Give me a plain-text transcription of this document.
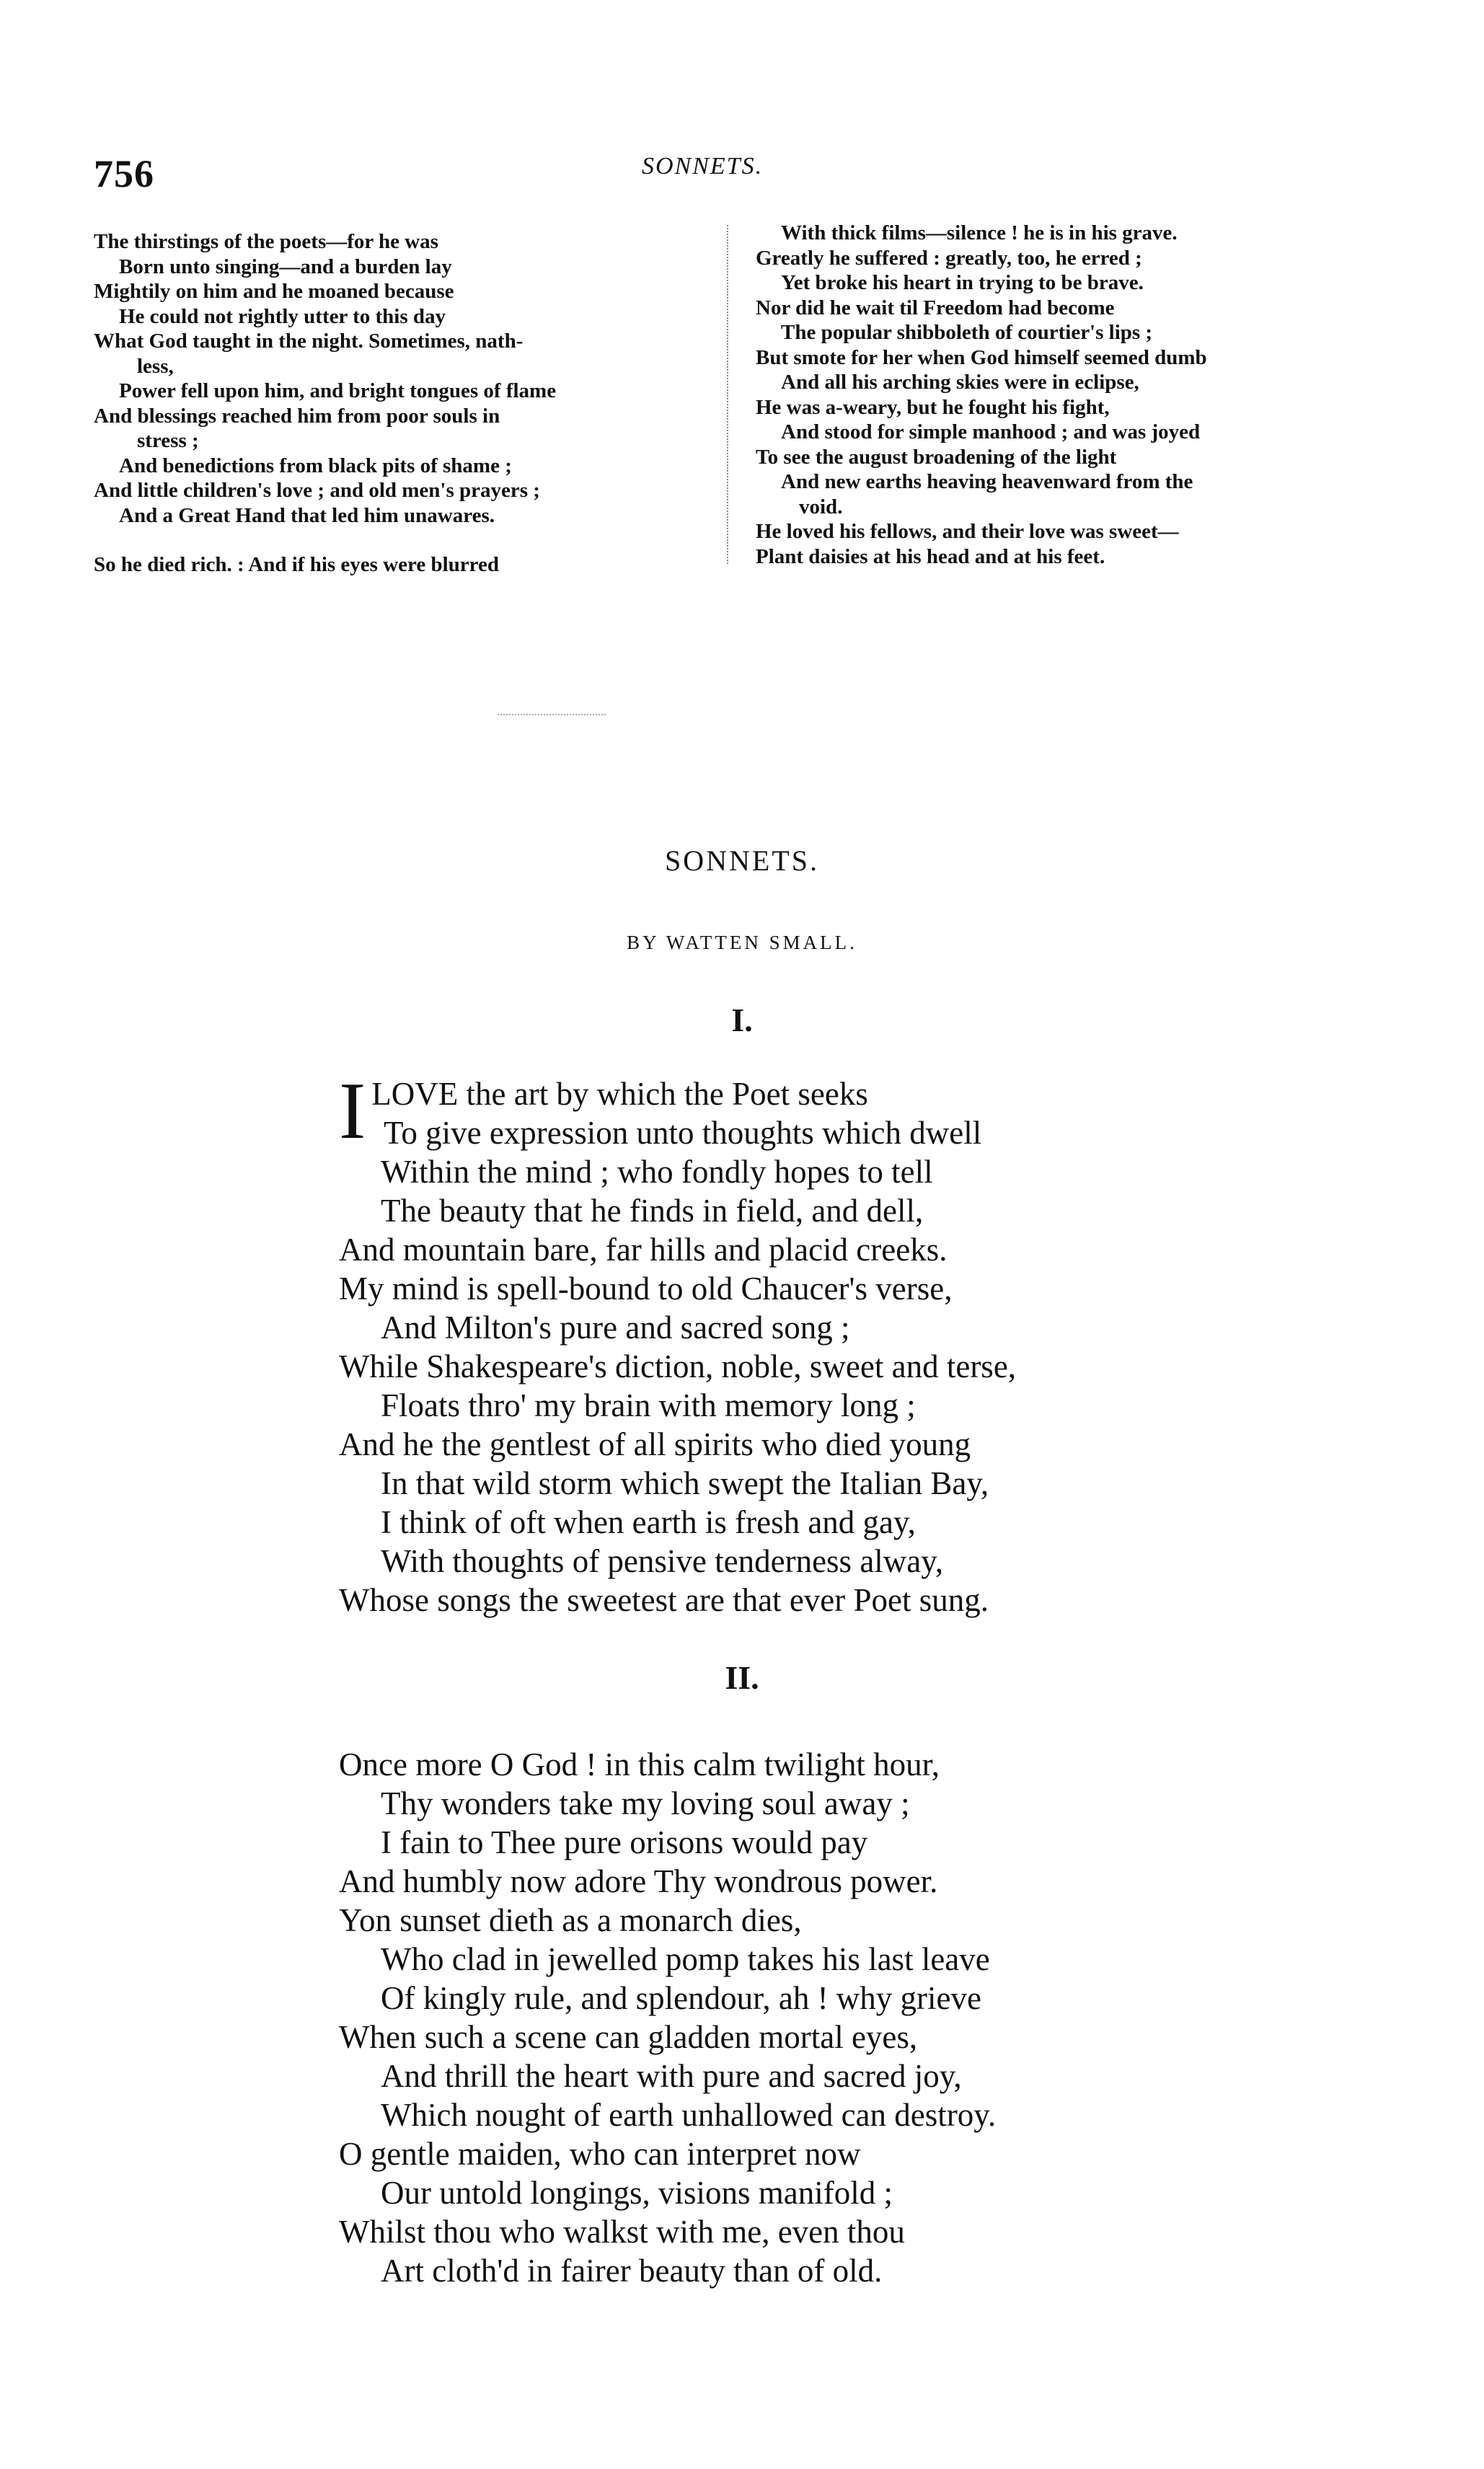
756	SONNETS.
The thirstings of the poets—for he was
Born unto singing—and a burden lay
Mightily on him and he moaned because
He could not rightly utter to this day
What God taught in the night. Sometimes, nath-
less,
Power fell upon him, and bright tongues of flame
And blessings reached him from poor souls in
stress ;
And benedictions from black pits of shame ;
And little children's love ; and old men's prayers ;
And a Great Hand that led him unawares.
So he died rich. : And if his eyes were blurred
With thick films—silence ! he is in his grave.
Greatly he suffered : greatly, too, he erred ;
Yet broke his heart in trying to be brave.
Nor did he wait til Freedom had become
The popular shibboleth of courtier's lips ;
But smote for her when God himself seemed dumb
And all his arching skies were in eclipse,
He was a-weary, but he fought his fight,
And stood for simple manhood ; and was joyed
To see the august broadening of the light
And new earths heaving heavenward from the
void.
He loved his fellows, and their love was sweet—
Plant daisies at his head and at his feet.
SONNETS.
BY WATTEN SMALL.
I.
I LOVE the art by which the Poet seeks
To give expression unto thoughts which dwell
Within the mind ; who fondly hopes to tell
The beauty that he finds in field, and dell,
And mountain bare, far hills and placid creeks.
My mind is spell-bound to old Chaucer's verse,
And Milton's pure and sacred song ;
While Shakespeare's diction, noble, sweet and terse,
Floats thro' my brain with memory long ;
And he the gentlest of all spirits who died young
In that wild storm which swept the Italian Bay,
I think of oft when earth is fresh and gay,
With thoughts of pensive tenderness alway,
Whose songs the sweetest are that ever Poet sung.
II.
Once more O God ! in this calm twilight hour,
Thy wonders take my loving soul away ;
I fain to Thee pure orisons would pay
And humbly now adore Thy wondrous power.
Yon sunset dieth as a monarch dies,
Who clad in jewelled pomp takes his last leave
Of kingly rule, and splendour, ah ! why grieve
When such a scene can gladden mortal eyes,
And thrill the heart with pure and sacred joy,
Which nought of earth unhallowed can destroy.
O gentle maiden, who can interpret now
Our untold longings, visions manifold ;
Whilst thou who walkst with me, even thou
Art cloth'd in fairer beauty than of old.
